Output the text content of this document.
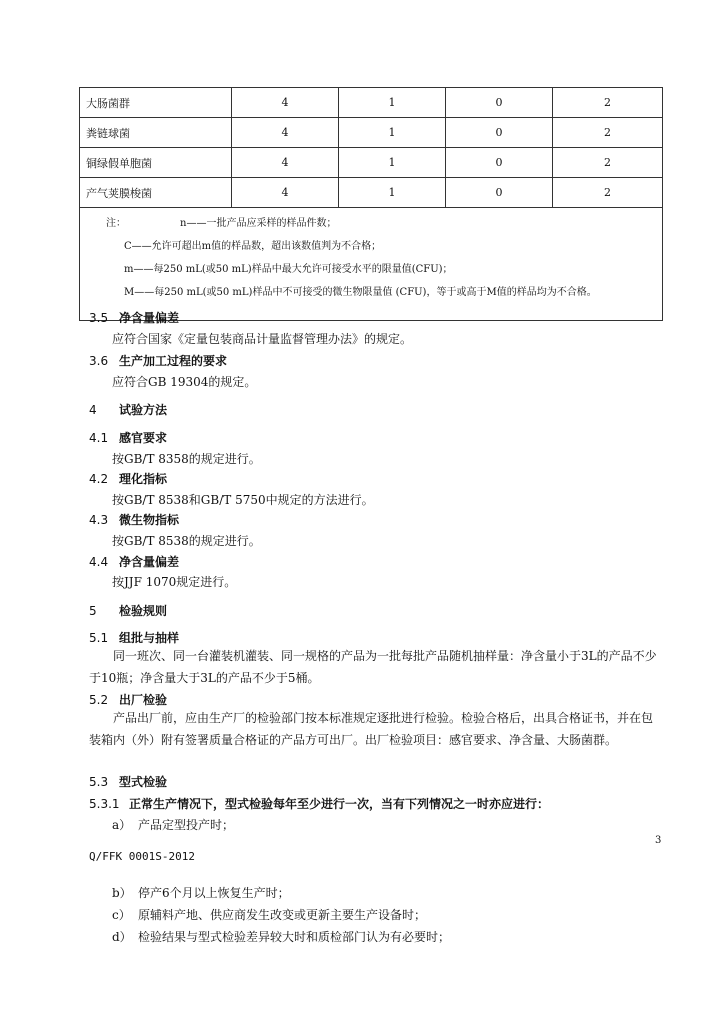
大肠菌群	4	1	0	2
粪链球菌	4	1	0	2
铜绿假单胞菌	4	1	0	2
产气荚膜梭菌	4	1	0	2

注： n——一批产品应采样的样品件数；
C——允许可超出m值的样品数，超出该数值判为不合格；
m——每250 mL(或50 mL)样品中最大允许可接受水平的限量值(CFU)；
M——每250 mL(或50 mL)样品中不可接受的微生物限量值 (CFU)，等于或高于M值的样品均为不合格。				
3.5 净含量偏差
应符合国家《定量包装商品计量监督管理办法》的规定。
3.6 生产加工过程的要求
应符合GB 19304的规定。
4 试验方法
4.1 感官要求
按GB/T 8358的规定进行。
4.2 理化指标
按GB/T 8538和GB/T 5750中规定的方法进行。
4.3 微生物指标
按GB/T 8538的规定进行。
4.4 净含量偏差
按JJF 1070规定进行。
5 检验规则
5.1 组批与抽样
同一班次、同一台灌装机灌装、同一规格的产品为一批每批产品随机抽样量：净含量小于3L的产品不少于10瓶；净含量大于3L的产品不少于5桶。
5.2 出厂检验
产品出厂前，应由生产厂的检验部门按本标准规定逐批进行检验。检验合格后，出具合格证书，并在包装箱内（外）附有签署质量合格证的产品方可出厂。出厂检验项目：感官要求、净含量、大肠菌群。
5.3 型式检验
5.3.1 正常生产情况下，型式检验每年至少进行一次，当有下列情况之一时亦应进行：
a） 产品定型投产时；
3
Q/FFK 0001S-2012
b） 停产6个月以上恢复生产时；
c） 原辅料产地、供应商发生改变或更新主要生产设备时；
d） 检验结果与型式检验差异较大时和质检部门认为有必要时；
